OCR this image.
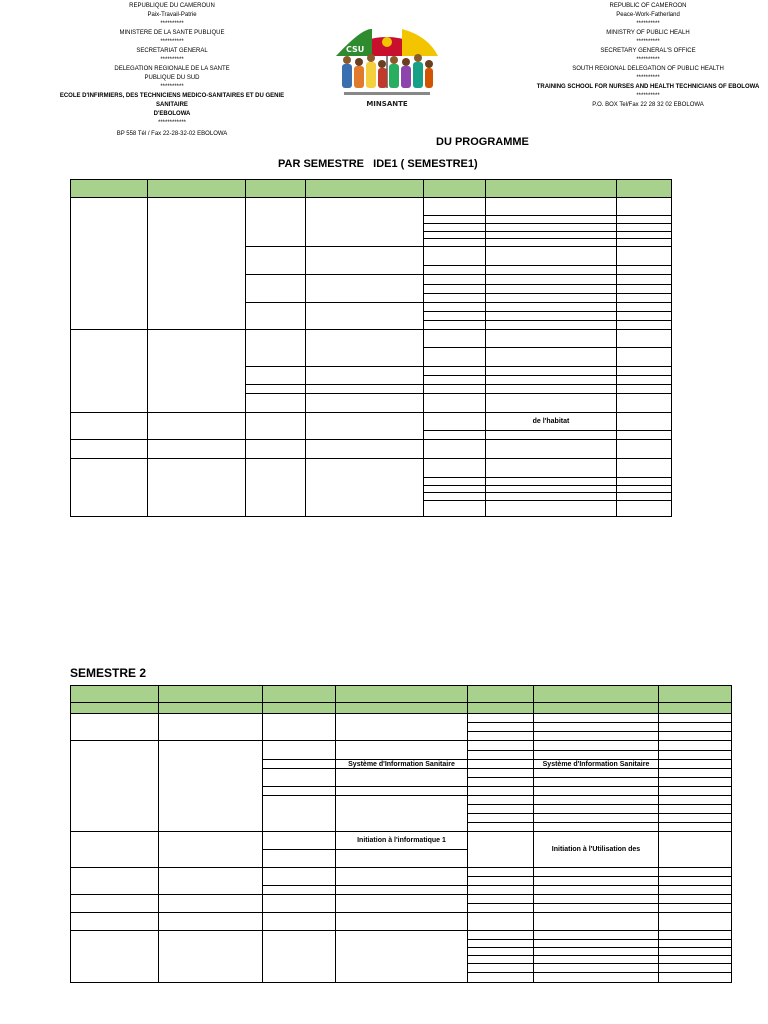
REPUBLIQUE DU CAMEROUN
Paix-Travail-Patrie
**********
MINISTERE DE LA SANTE PUBLIQUE
**********
SECRETARIAT GENERAL
**********
DELEGATION REGIONALE DE LA SANTE
PUBLIQUE DU SUD
**********
ECOLE D'INFIRMIERS, DES TECHNICIENS MEDICO-SANITAIRES ET DU GENIE
SANITAIRE
D'EBOLOWA
************
BP 558 Tél / Fax 22-28-32-02 EBOLOWA
REPUBLIC OF CAMEROON
Peace-Work-Fatherland
**********
MINISTRY OF PUBLIC HEALH
**********
SECRETARY GENERAL'S OFFICE
**********
SOUTH REGIONAL DELEGATION OF PUBLIC HEALTH
**********
TRAINING SCHOOL FOR NURSES AND HEALTH TECHNICIANS OF EBOLOWA
**********
P.O. BOX Tel/Fax 22 28 32 02 EBOLOWA
CSU
MINSANTE
DU PROGRAMME
PAR SEMESTRE   IDE1 ( SEMESTRE1)

					de l'habitat	

SEMESTRE 2

			Système d'Information Sanitaire		Système d'Information Sanitaire	

			Initiation à l'informatique 1		Initiation à l'Utilisation des	
